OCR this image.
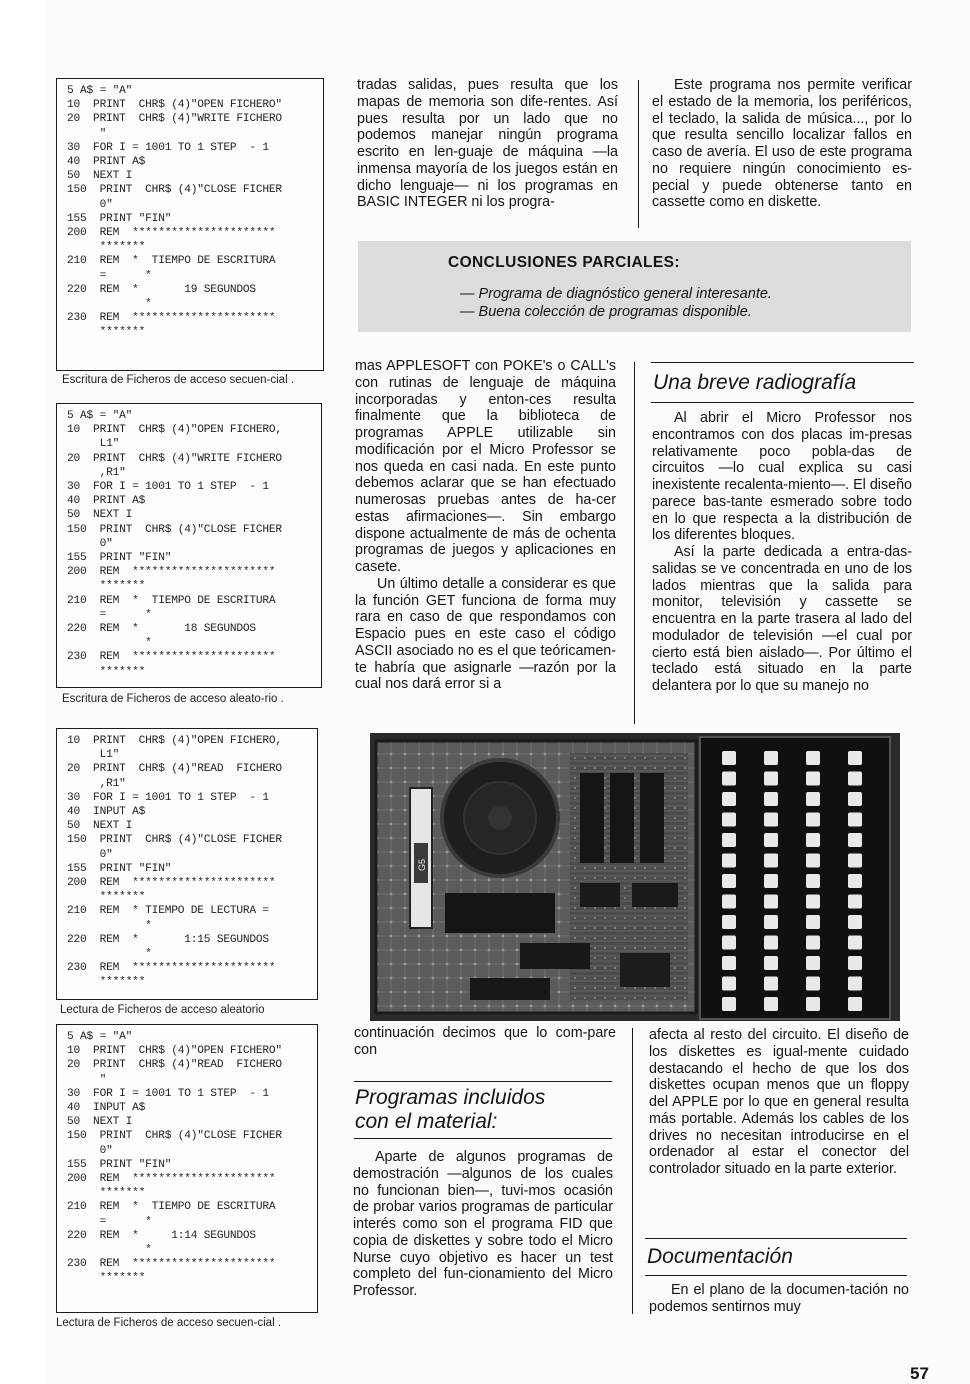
5 A$ = "A"
10  PRINT  CHR$ (4)"OPEN FICHERO"
20  PRINT  CHR$ (4)"WRITE FICHERO
"
30  FOR I = 1001 TO 1 STEP  - 1
40  PRINT A$
50  NEXT I
150  PRINT  CHR$ (4)"CLOSE FICHER
0"
155  PRINT "FIN"
200  REM  **********************
*******
210  REM  *  TIEMPO DE ESCRITURA
=      *
220  REM  *       19 SEGUNDOS
*
230  REM  **********************
*******
Escritura de Ficheros de acceso secuen-cial .
5 A$ = "A"
10  PRINT  CHR$ (4)"OPEN FICHERO,
L1"
20  PRINT  CHR$ (4)"WRITE FICHERO
,R1"
30  FOR I = 1001 TO 1 STEP  - 1
40  PRINT A$
50  NEXT I
150  PRINT  CHR$ (4)"CLOSE FICHER
0"
155  PRINT "FIN"
200  REM  **********************
*******
210  REM  *  TIEMPO DE ESCRITURA
=      *
220  REM  *       18 SEGUNDOS
*
230  REM  **********************
*******
Escritura de Ficheros de acceso aleato-rio .
10  PRINT  CHR$ (4)"OPEN FICHERO,
L1"
20  PRINT  CHR$ (4)"READ  FICHERO
,R1"
30  FOR I = 1001 TO 1 STEP  - 1
40  INPUT A$
50  NEXT I
150  PRINT  CHR$ (4)"CLOSE FICHER
0"
155  PRINT "FIN"
200  REM  **********************
*******
210  REM  * TIEMPO DE LECTURA =
*
220  REM  *       1:15 SEGUNDOS
*
230  REM  **********************
*******
Lectura de Ficheros de acceso aleatorio
5 A$ = "A"
10  PRINT  CHR$ (4)"OPEN FICHERO"
20  PRINT  CHR$ (4)"READ  FICHERO
"
30  FOR I = 1001 TO 1 STEP  - 1
40  INPUT A$
50  NEXT I
150  PRINT  CHR$ (4)"CLOSE FICHER
0"
155  PRINT "FIN"
200  REM  **********************
*******
210  REM  *  TIEMPO DE ESCRITURA
=      *
220  REM  *     1:14 SEGUNDOS
*
230  REM  **********************
*******
Lectura de Ficheros de acceso secuen-cial .

tradas salidas, pues resulta que los mapas de memoria son dife-rentes. Así pues resulta por un lado que no podemos manejar ningún programa escrito en len-guaje de máquina —la inmensa mayoría de los juegos están en dicho lenguaje— ni los programas en BASIC INTEGER ni los progra-

Este programa nos permite verificar el estado de la memoria, los periféricos, el teclado, la salida de música..., por lo que resulta sencillo localizar fallos en caso de avería. El uso de este programa no requiere ningún conocimiento es-pecial y puede obtenerse tanto en cassette como en diskette.

CONCLUSIONES PARCIALES:
— Programa de diagnóstico general interesante.
— Buena colección de programas disponible.

mas APPLESOFT con POKE's o CALL's con rutinas de lenguaje de máquina incorporadas y enton-ces resulta finalmente que la biblioteca de programas APPLE utilizable sin modificación por el Micro Professor se nos queda en casi nada. En este punto debemos aclarar que se han efectuado numerosas pruebas antes de ha-cer estas afirmaciones—. Sin embargo dispone actualmente de más de ochenta programas de juegos y aplicaciones en casete.

Un último detalle a considerar es que la función GET funciona de forma muy rara en caso de que respondamos con Espacio pues en este caso el código ASCII asociado no es el que teóricamen-te habría que asignarle —razón por la cual nos dará error si a

Una breve radiografía

Al abrir el Micro Professor nos encontramos con dos placas im-presas relativamente poco pobla-das de circuitos —lo cual explica su casi inexistente recalenta-miento—. El diseño parece bas-tante esmerado sobre todo en lo que respecta a la distribución de los diferentes bloques.

Así la parte dedicada a entra-das-salidas se ve concentrada en uno de los lados mientras que la salida para monitor, televisión y cassette se encuentra en la parte trasera al lado del modulador de televisión —el cual por cierto está bien aislado—. Por último el teclado está situado en la parte delantera por lo que su manejo no

G5

continuación decimos que lo com-pare con

Programas incluidos
con el material:

Aparte de algunos programas de demostración —algunos de los cuales no funcionan bien—, tuvi-mos ocasión de probar varios programas de particular interés como son el programa FID que copia de diskettes y sobre todo el Micro Nurse cuyo objetivo es hacer un test completo del fun-cionamiento del Micro Professor.

afecta al resto del circuito. El diseño de los diskettes es igual-mente cuidado destacando el hecho de que los dos diskettes ocupan menos que un floppy del APPLE por lo que en general resulta más portable. Además los cables de los drives no necesitan introducirse en el ordenador al estar el conector del controlador situado en la parte exterior.

Documentación

En el plano de la documen-tación no podemos sentirnos muy

57
